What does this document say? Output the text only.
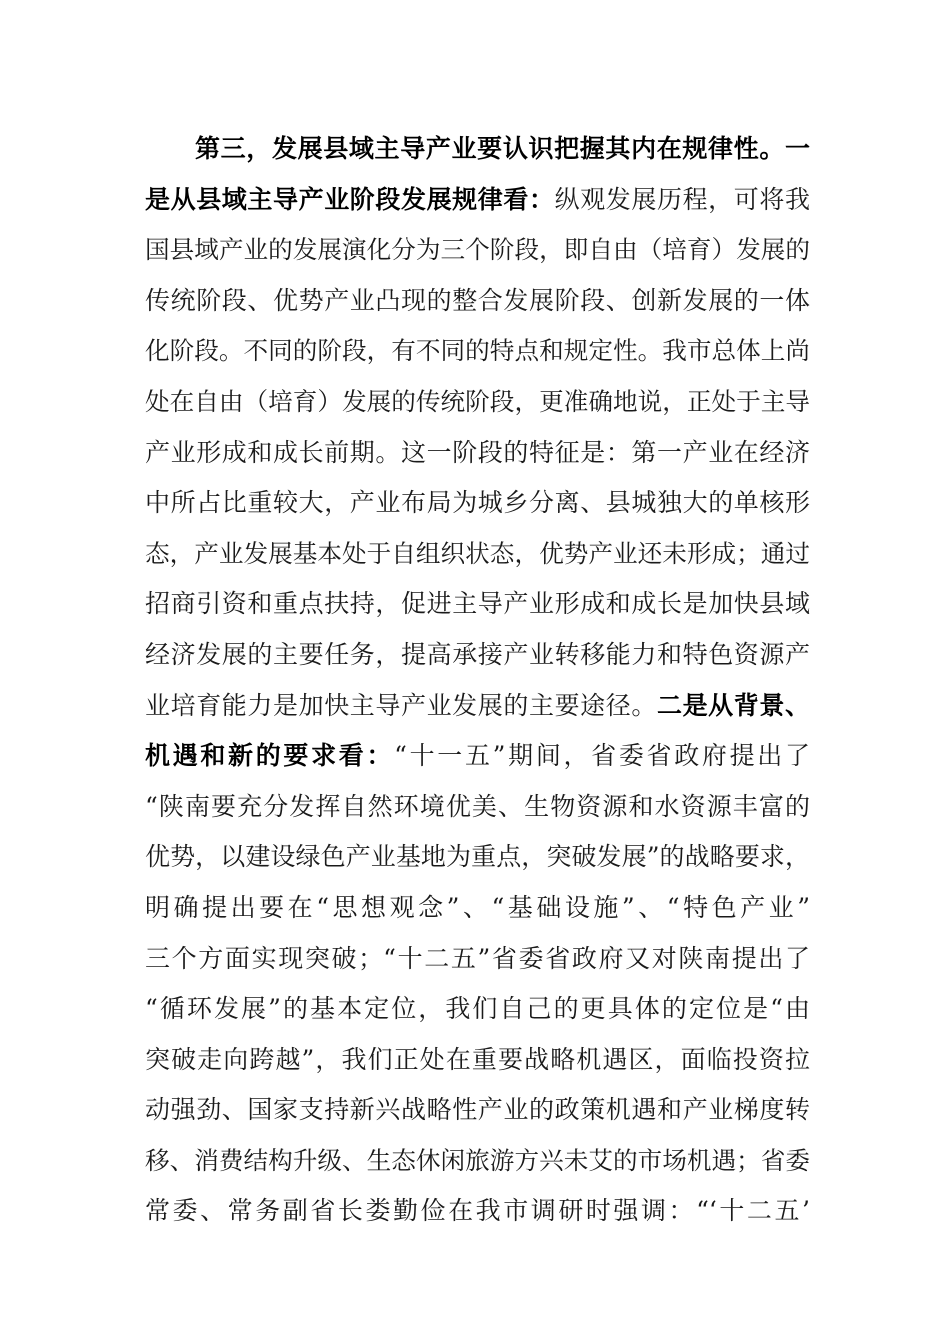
第三，发展县域主导产业要认识把握其内在规律性。一
是从县域主导产业阶段发展规律看：纵观发展历程，可将我
国县域产业的发展演化分为三个阶段，即自由（培育）发展的
传统阶段、优势产业凸现的整合发展阶段、创新发展的一体
化阶段。不同的阶段，有不同的特点和规定性。我市总体上尚
处在自由（培育）发展的传统阶段，更准确地说，正处于主导
产业形成和成长前期。这一阶段的特征是：第一产业在经济
中所占比重较大，产业布局为城乡分离、县城独大的单核形
态，产业发展基本处于自组织状态，优势产业还未形成；通过
招商引资和重点扶持，促进主导产业形成和成长是加快县域
经济发展的主要任务，提高承接产业转移能力和特色资源产
业培育能力是加快主导产业发展的主要途径。二是从背景、
机遇和新的要求看：“十一五”期间，省委省政府提出了
“陕南要充分发挥自然环境优美、生物资源和水资源丰富的
优势，以建设绿色产业基地为重点，突破发展”的战略要求，
明确提出要在“思想观念”、“基础设施”、“特色产业”
三个方面实现突破；“十二五”省委省政府又对陕南提出了
“循环发展”的基本定位，我们自己的更具体的定位是“由
突破走向跨越”，我们正处在重要战略机遇区，面临投资拉
动强劲、国家支持新兴战略性产业的政策机遇和产业梯度转
移、消费结构升级、生态休闲旅游方兴未艾的市场机遇；省委
常委、常务副省长娄勤俭在我市调研时强调：“‘十二五’
